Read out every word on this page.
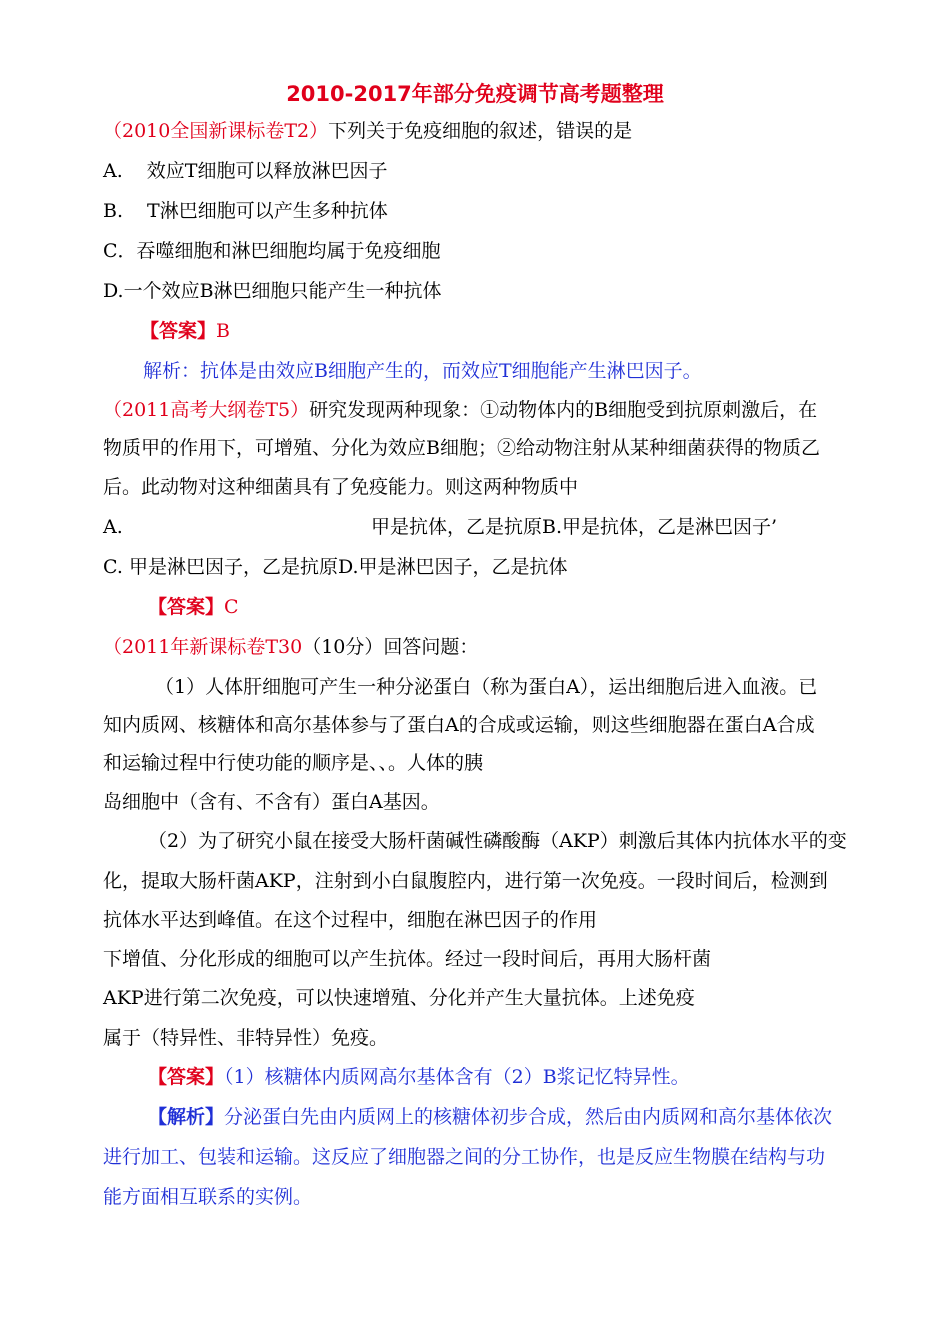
2010-2017年部分免疫调节高考题整理
（2010全国新课标卷T2）下列关于免疫细胞的叙述，错误的是
A. 效应T细胞可以释放淋巴因子
B. T淋巴细胞可以产生多种抗体
C．吞噬细胞和淋巴细胞均属于免疫细胞
D.一个效应B淋巴细胞只能产生一种抗体
【答案】B
解析：抗体是由效应B细胞产生的，而效应T细胞能产生淋巴因子。
（2011高考大纲卷T5）研究发现两种现象：①动物体内的B细胞受到抗原刺激后，在
物质甲的作用下，可增殖、分化为效应B细胞；②给动物注射从某种细菌获得的物质乙
后。此动物对这种细菌具有了免疫能力。则这两种物质中
A.	甲是抗体，乙是抗原B.甲是抗体，乙是淋巴因子’
C. 甲是淋巴因子，乙是抗原D.甲是淋巴因子，乙是抗体
【答案】C
（2011年新课标卷T30（10分）回答问题：
（1）人体肝细胞可产生一种分泌蛋白（称为蛋白A），运出细胞后进入血液。已
知内质网、核糖体和高尔基体参与了蛋白A的合成或运输，则这些细胞器在蛋白A合成
和运输过程中行使功能的顺序是、、。人体的胰
岛细胞中（含有、不含有）蛋白A基因。
（2）为了研究小鼠在接受大肠杆菌碱性磷酸酶（AKP）刺激后其体内抗体水平的变
化，提取大肠杆菌AKP，注射到小白鼠腹腔内，进行第一次免疫。一段时间后，检测到
抗体水平达到峰值。在这个过程中，细胞在淋巴因子的作用
下增值、分化形成的细胞可以产生抗体。经过一段时间后，再用大肠杆菌
AKP进行第二次免疫，可以快速增殖、分化并产生大量抗体。上述免疫
属于（特异性、非特异性）免疫。
【答案】（1）核糖体内质网高尔基体含有（2）B浆记忆特异性。
【解析】分泌蛋白先由内质网上的核糖体初步合成，然后由内质网和高尔基体依次
进行加工、包装和运输。这反应了细胞器之间的分工协作，也是反应生物膜在结构与功
能方面相互联系的实例。
